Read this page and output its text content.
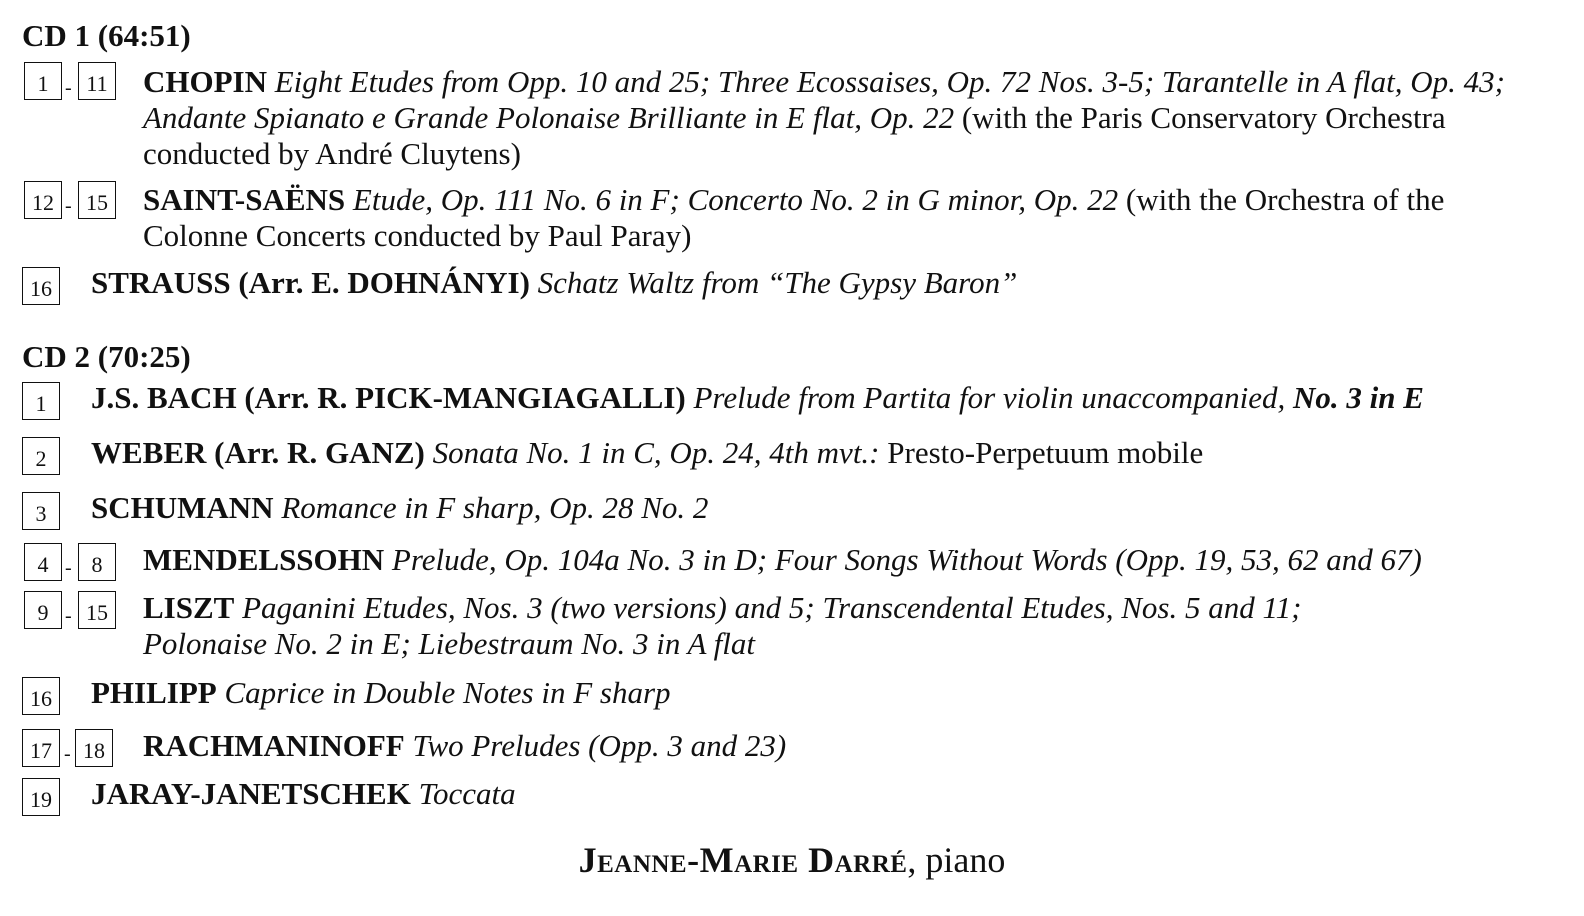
CD 1 (64:51)
1 - 11 CHOPIN Eight Etudes from Opp. 10 and 25; Three Ecossaises, Op. 72 Nos. 3-5; Tarantelle in A flat, Op. 43; Andante Spianato e Grande Polonaise Brilliante in E flat, Op. 22 (with the Paris Conservatory Orchestra conducted by André Cluytens)
12 - 15 SAINT-SAËNS Etude, Op. 111 No. 6 in F; Concerto No. 2 in G minor, Op. 22 (with the Orchestra of the Colonne Concerts conducted by Paul Paray)
16 STRAUSS (Arr. E. DOHNÁNYI) Schatz Waltz from “The Gypsy Baron”
CD 2 (70:25)
1	J.S. BACH (Arr. R. PICK-MANGIAGALLI) Prelude from Partita for violin unaccompanied, No. 3 in E
2	WEBER (Arr. R. GANZ) Sonata No. 1 in C, Op. 24, 4th mvt.: Presto-Perpetuum mobile
3	SCHUMANN Romance in F sharp, Op. 28 No. 2
4 - 8	MENDELSSOHN Prelude, Op. 104a No. 3 in D; Four Songs Without Words (Opp. 19, 53, 62 and 67)
9 - 15 LISZT Paganini Etudes, Nos. 3 (two versions) and 5; Transcendental Etudes, Nos. 5 and 11;
Polonaise No. 2 in E; Liebestraum No. 3 in A flat
16 PHILIPP Caprice in Double Notes in F sharp
17 - 18 RACHMANINOFF Two Preludes (Opp. 3 and 23)
19 JARAY-JANETSCHEK Toccata
Jeanne-Marie Darré, piano
